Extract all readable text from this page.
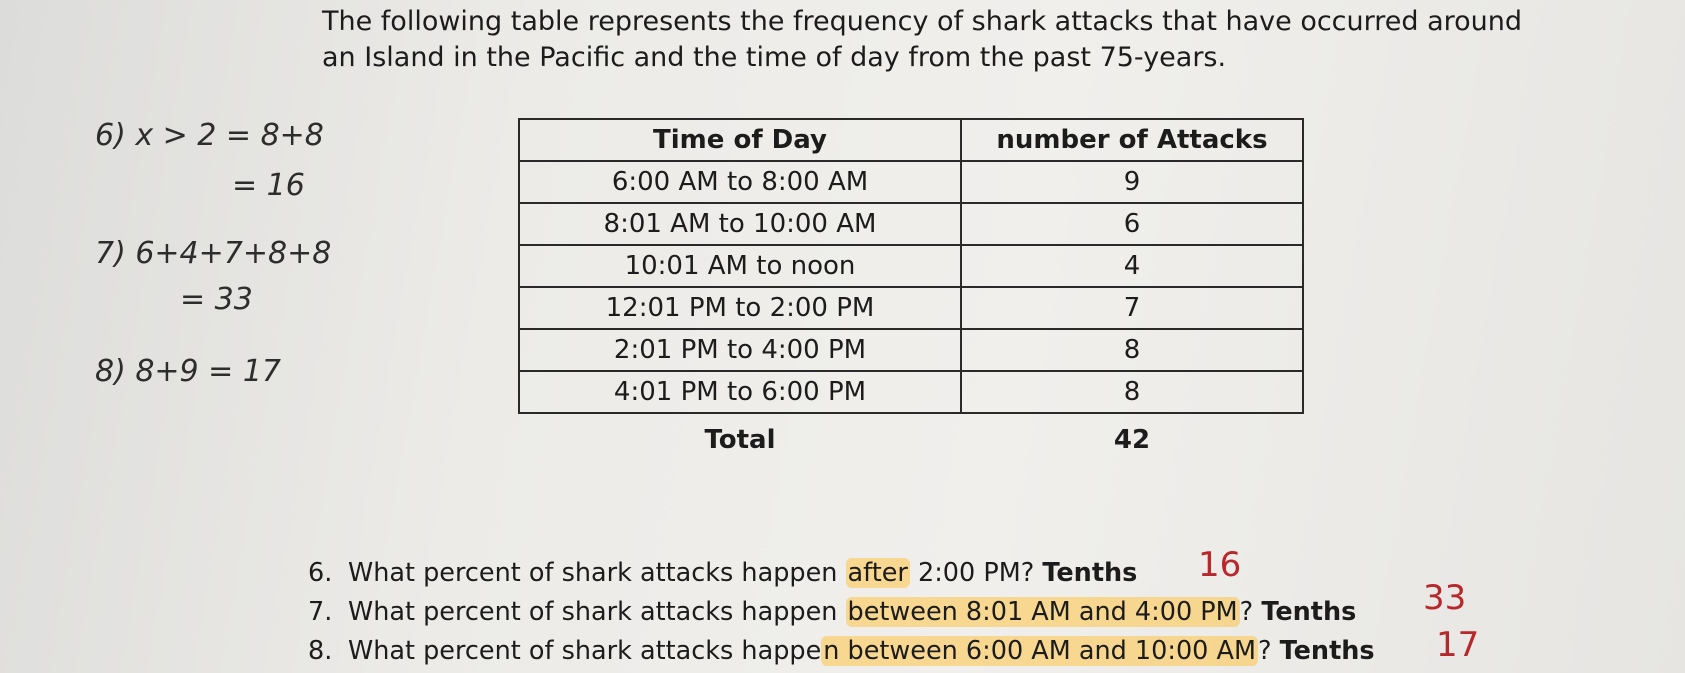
The following table represents the frequency of shark attacks that have occurred around an Island in the Pacific and the time of day from the past 75-years.

6) x > 2 = 8+8
= 16
7) 6+4+7+8+8
= 33
8) 8+9 = 17
Time of Day	number of Attacks
6:00 AM to 8:00 AM	9
8:01 AM to 10:00 AM	6
10:01 AM to noon	4
12:01 PM to 2:00 PM	7
2:01 PM to 4:00 PM	8
4:01 PM to 6:00 PM	8
Total	42
6. What percent of shark attacks happen after 2:00 PM? Tenths 16
7. What percent of shark attacks happen between 8:01 AM and 4:00 PM? Tenths 33
8. What percent of shark attacks happen between 6:00 AM and 10:00 AM? Tenths 17
